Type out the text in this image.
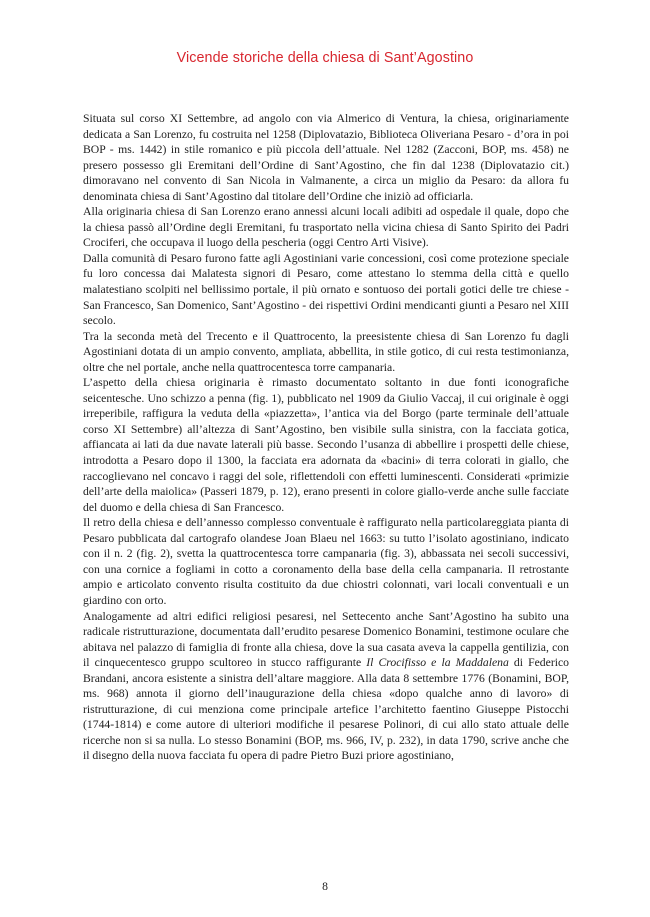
Vicende storiche della chiesa di Sant’Agostino

Situata sul corso XI Settembre, ad angolo con via Almerico di Ventura, la chiesa, originariamente dedicata a San Lorenzo, fu costruita nel 1258 (Diplovatazio, Biblioteca Oliveriana Pesaro - d’ora in poi BOP - ms. 1442) in stile romanico e più piccola dell’attuale. Nel 1282 (Zacconi, BOP, ms. 458) ne presero possesso gli Eremitani dell’Ordine di Sant’Agostino, che fin dal 1238 (Diplovatazio cit.) dimoravano nel convento di San Nicola in Valmanente, a circa un miglio da Pesaro: da allora fu denominata chiesa di Sant’Agostino dal titolare dell’Ordine che iniziò ad officiarla.

Alla originaria chiesa di San Lorenzo erano annessi alcuni locali adibiti ad ospedale il quale, dopo che la chiesa passò all’Ordine degli Eremitani, fu trasportato nella vicina chiesa di Santo Spirito dei Padri Crociferi, che occupava il luogo della pescheria (oggi Centro Arti Visive).

Dalla comunità di Pesaro furono fatte agli Agostiniani varie concessioni, così come protezione speciale fu loro concessa dai Malatesta signori di Pesaro, come attestano lo stemma della città e quello malatestiano scolpiti nel bellissimo portale, il più ornato e sontuoso dei portali gotici delle tre chiese - San Francesco, San Domenico, Sant’Agostino - dei rispettivi Ordini mendicanti giunti a Pesaro nel XIII secolo.

Tra la seconda metà del Trecento e il Quattrocento, la preesistente chiesa di San Lorenzo fu dagli Agostiniani dotata di un ampio convento, ampliata, abbellita, in stile gotico, di cui resta testimonianza, oltre che nel portale, anche nella quattrocentesca torre campanaria.

L’aspetto della chiesa originaria è rimasto documentato soltanto in due fonti iconografiche seicentesche. Uno schizzo a penna (fig. 1), pubblicato nel 1909 da Giulio Vaccaj, il cui originale è oggi irreperibile, raffigura la veduta della «piazzetta», l’antica via del Borgo (parte terminale dell’attuale corso XI Settembre) all’altezza di Sant’Agostino, ben visibile sulla sinistra, con la facciata gotica, affiancata ai lati da due navate laterali più basse. Secondo l’usanza di abbellire i prospetti delle chiese, introdotta a Pesaro dopo il 1300, la facciata era adornata da «bacini» di terra colorati in giallo, che raccoglievano nel concavo i raggi del sole, riflettendoli con effetti luminescenti. Considerati «primizie dell’arte della maiolica» (Passeri 1879, p. 12), erano presenti in colore giallo-verde anche sulle facciate del duomo e della chiesa di San Francesco.

Il retro della chiesa e dell’annesso complesso conventuale è raffigurato nella particolareggiata pianta di Pesaro pubblicata dal cartografo olandese Joan Blaeu nel 1663: su tutto l’isolato agostiniano, indicato con il n. 2 (fig. 2), svetta la quattrocentesca torre campanaria (fig. 3), abbassata nei secoli successivi, con una cornice a fogliami in cotto a coronamento della base della cella campanaria. Il retrostante ampio e articolato convento risulta costituito da due chiostri colonnati, vari locali conventuali e un giardino con orto.

Analogamente ad altri edifici religiosi pesaresi, nel Settecento anche Sant’Agostino ha subito una radicale ristrutturazione, documentata dall’erudito pesarese Domenico Bonamini, testimone oculare che abitava nel palazzo di famiglia di fronte alla chiesa, dove la sua casata aveva la cappella gentilizia, con il cinquecentesco gruppo scultoreo in stucco raffigurante Il Crocifisso e la Maddalena di Federico Brandani, ancora esistente a sinistra dell’altare maggiore. Alla data 8 settembre 1776 (Bonamini, BOP, ms. 968) annota il giorno dell’inaugurazione della chiesa «dopo qualche anno di lavoro» di ristrutturazione, di cui menziona come principale artefice l’architetto faentino Giuseppe Pistocchi (1744-1814) e come autore di ulteriori modifiche il pesarese Polinori, di cui allo stato attuale delle ricerche non si sa nulla. Lo stesso Bonamini (BOP, ms. 966, IV, p. 232), in data 1790, scrive anche che il disegno della nuova facciata fu opera di padre Pietro Buzi priore agostiniano,

8
